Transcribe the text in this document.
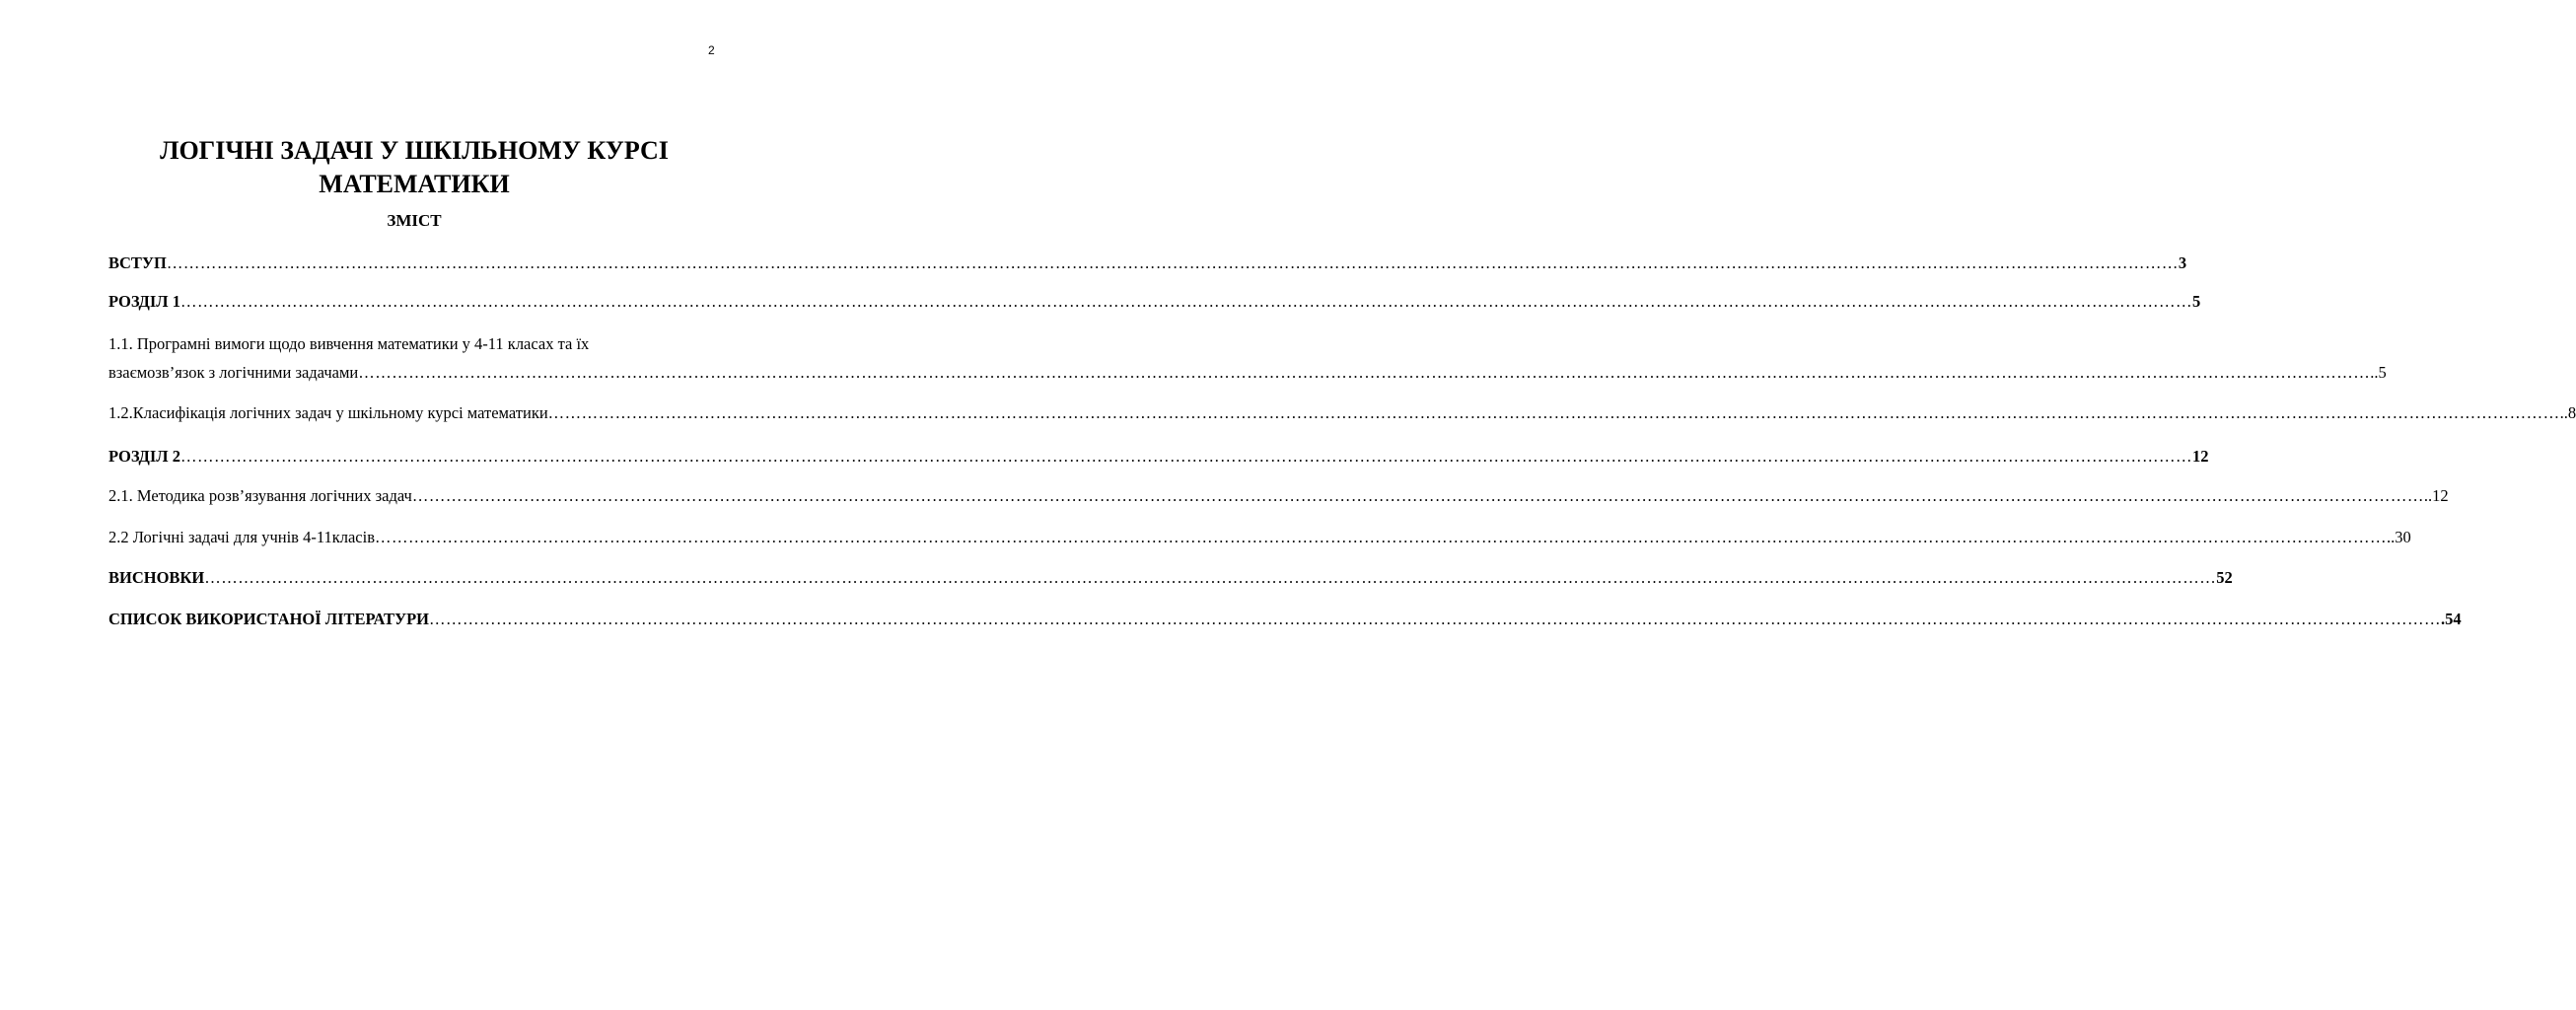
2
ЛОГІЧНІ ЗАДАЧІ У ШКІЛЬНОМУ КУРСІ
МАТЕМАТИКИ
ЗМІСТ
ВСТУП ……………………………………………………………………………………………………………………………………………………………………………………………………………………………………………………………………………………………………………………………… 3
РОЗДІЛ 1 ……………………………………………………………………………………………………………………………………………………………………………………………………………………………………………………………………………………………………………………………… 5
1.1. Програмні вимоги щодо вивчення математики у 4-11 класах та їх
взаємозв’язок з логічними задачами ……………………………………………………………………………………………………………………………………………………………………………………………………………………………………………………………………………………………………………………………… ..5
1.2.Класифікація логічних задач у шкільному курсі математики ……………………………………………………………………………………………………………………………………………………………………………………………………………………………………………………………………………………………………………………………… ..8
РОЗДІЛ 2 ……………………………………………………………………………………………………………………………………………………………………………………………………………………………………………………………………………………………………………………………… 12
2.1. Методика розв’язування логічних задач ……………………………………………………………………………………………………………………………………………………………………………………………………………………………………………………………………………………………………………………………… ..12
2.2 Логічні задачі для учнів 4-11класів ……………………………………………………………………………………………………………………………………………………………………………………………………………………………………………………………………………………………………………………………… ..30
ВИСНОВКИ ……………………………………………………………………………………………………………………………………………………………………………………………………………………………………………………………………………………………………………………………… 52
СПИСОК ВИКОРИСТАНОЇ ЛІТЕРАТУРИ ……………………………………………………………………………………………………………………………………………………………………………………………………………………………………………………………………………………………………………………………… .54
